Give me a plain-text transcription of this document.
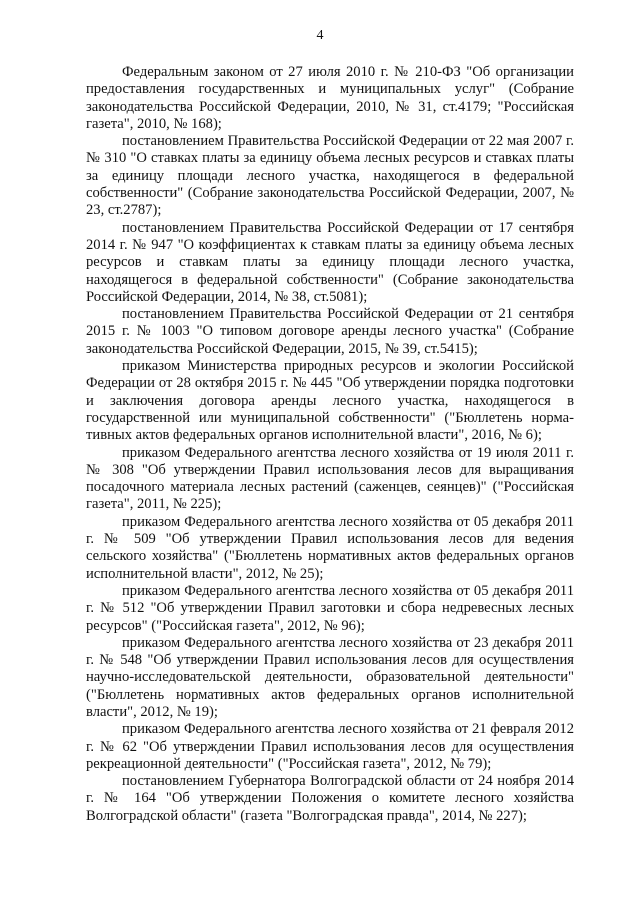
4

Федеральным законом от 27 июля 2010 г. № 210-ФЗ "Об организации предоставления государственных и муниципальных услуг" (Собрание законодательства Российской Федерации, 2010, № 31, ст.4179; "Российская газета", 2010, № 168);

постановлением Правительства Российской Федерации от 22 мая 2007 г. № 310 "О ставках платы за единицу объема лесных ресурсов и ставках платы за единицу площади лесного участка, находящегося в федеральной собственности" (Собрание законодательства Российской Федерации, 2007, № 23, ст.2787);

постановлением Правительства Российской Федерации от 17 сентября 2014 г. № 947 "О коэффициентах к ставкам платы за единицу объема лесных ресурсов и ставкам платы за единицу площади лесного участка, находящегося в федеральной собственности" (Собрание законодательства Российской Федерации, 2014, № 38, ст.5081);

постановлением Правительства Российской Федерации от 21 сентября 2015 г. № 1003 "О типовом договоре аренды лесного участка" (Собрание законодательства Российской Федерации, 2015, № 39, ст.5415);

приказом Министерства природных ресурсов и экологии Российской Федерации от 28 октября 2015 г. № 445 "Об утверждении порядка подготовки и заключения договора аренды лесного участка, находящегося в государственной или муниципальной собственности" ("Бюллетень нормативных актов федеральных органов исполнительной власти", 2016, № 6);

приказом Федерального агентства лесного хозяйства от 19 июля 2011 г. № 308 "Об утверждении Правил использования лесов для выращивания посадочного материала лесных растений (саженцев, сеянцев)" ("Российская газета", 2011, № 225);

приказом Федерального агентства лесного хозяйства от 05 декабря 2011 г. № 509 "Об утверждении Правил использования лесов для ведения сельского хозяйства" ("Бюллетень нормативных актов федеральных органов исполнительной власти", 2012, № 25);

приказом Федерального агентства лесного хозяйства от 05 декабря 2011 г. № 512 "Об утверждении Правил заготовки и сбора недревесных лесных ресурсов" ("Российская газета", 2012, № 96);

приказом Федерального агентства лесного хозяйства от 23 декабря 2011 г. № 548 "Об утверждении Правил использования лесов для осуществления научно-исследовательской деятельности, образовательной деятельности" ("Бюллетень нормативных актов федеральных органов исполнительной власти", 2012, № 19);

приказом Федерального агентства лесного хозяйства от 21 февраля 2012 г. № 62 "Об утверждении Правил использования лесов для осуществления рекреационной деятельности" ("Российская газета", 2012, № 79);

постановлением Губернатора Волгоградской области от 24 ноября 2014 г. № 164 "Об утверждении Положения о комитете лесного хозяйства Волгоградской области" (газета "Волгоградская правда", 2014, № 227);
